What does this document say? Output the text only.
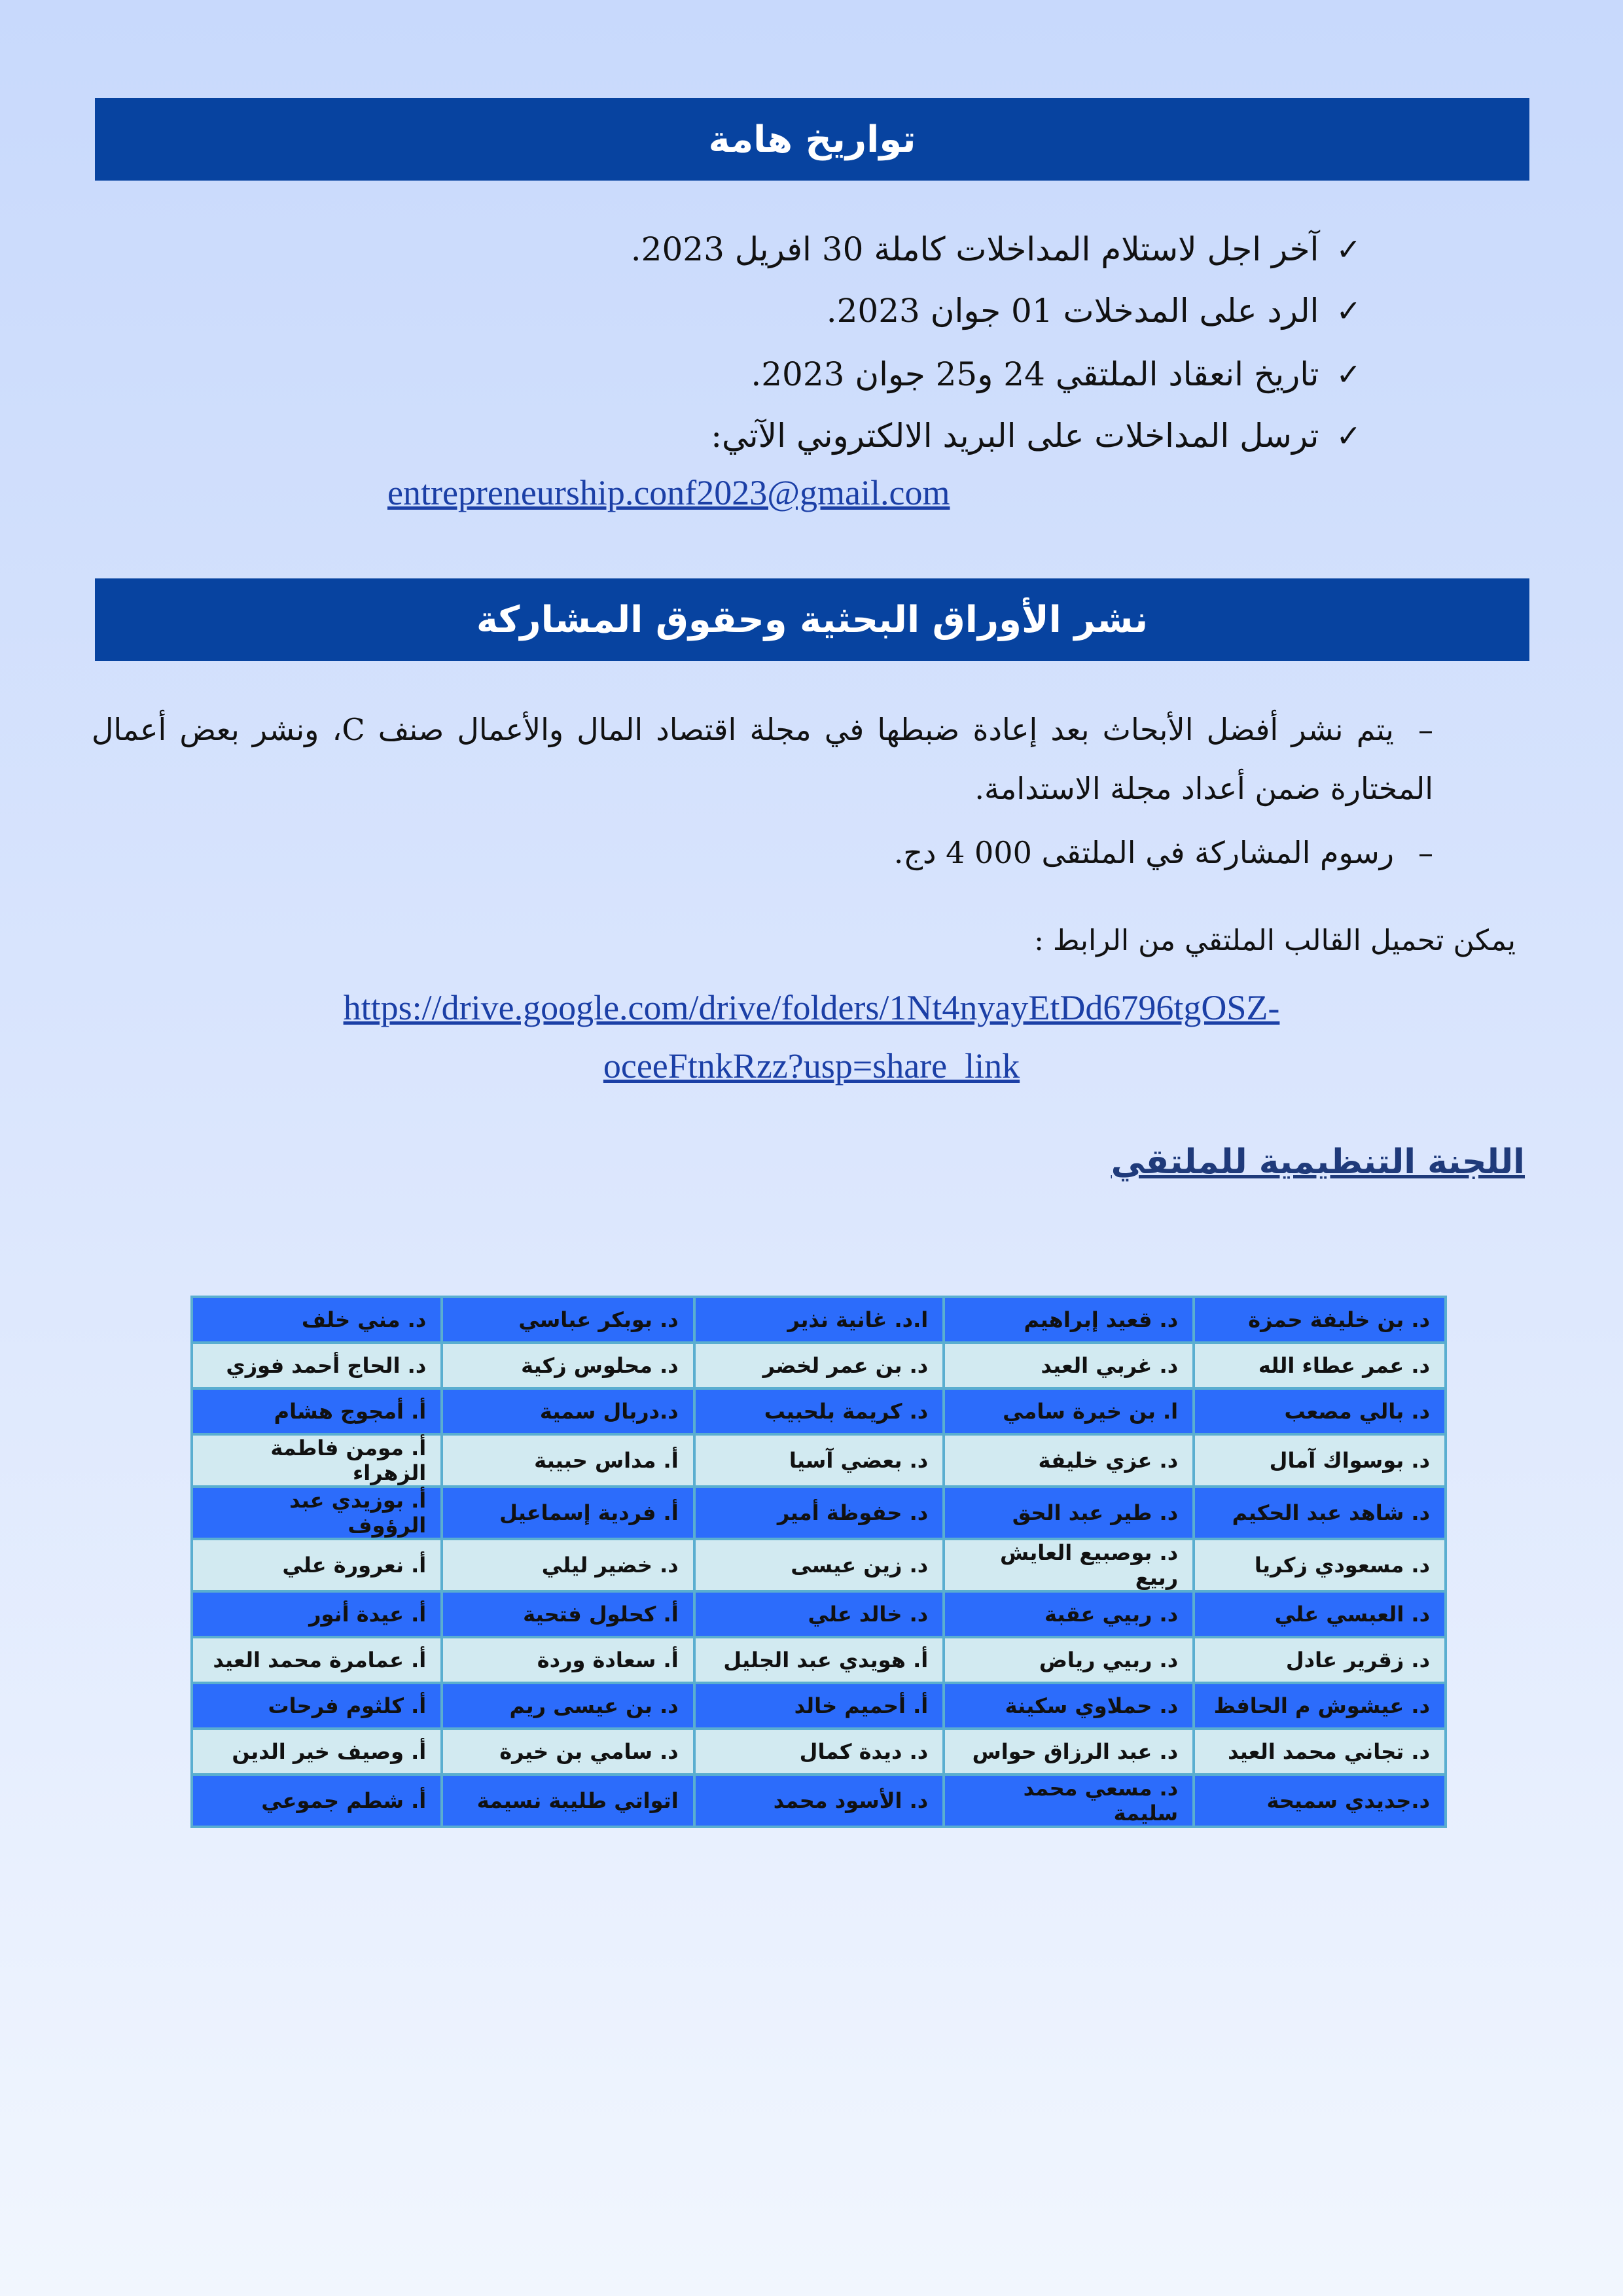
تواريخ هامة
✓
آخر اجل لاستلام المداخلات كاملة 30 افريل 2023.
✓
الرد على المدخلات 01 جوان 2023.
✓
تاريخ انعقاد الملتقي 24 و25 جوان 2023.
✓
ترسل المداخلات على البريد الالكتروني الآتي:
entrepreneurship.conf2023@gmail.com
نشر الأوراق البحثية وحقوق المشاركة
–يتم نشر أفضل الأبحاث بعد إعادة ضبطها في مجلة اقتصاد المال والأعمال صنف C، ونشر بعض أعمال المختارة ضمن أعداد مجلة الاستدامة.
–رسوم المشاركة في الملتقى 000 4 دج.
يمكن تحميل القالب الملتقي من الرابط :
https://drive.google.com/drive/folders/1Nt4nyayEtDd6796tgOSZ-
oceeFtnkRzz?usp=share_link
اللجنة التنظيمية للملتقي
د. بن خليفة حمزة	د. قعيد إبراهيم	ا.د. غانية نذير	د. بوبكر عباسي	د. مني خلف
د. عمر عطاء الله	د. غربي العيد	د. بن عمر لخضر	د. محلوس زكية	د. الحاج أحمد فوزي
د. بالي مصعب	ا. بن خيرة سامي	د. كريمة بلحبيب	د.دربال سمية	أ. أمجوج هشام
د. بوسواك آمال	د. عزي خليفة	د. بعضي آسيا	أ. مداس حبيبة	أ. مومن فاطمة الزهراء
د. شاهد عبد الحكيم	د. طير عبد الحق	د. حفوظة أمير	أ. فردية إسماعيل	أ. بوزيدي عبد الرؤوف
د. مسعودي زكريا	د. بوصبيع العايش ربيع	د. زين عيسى	د. خضير ليلي	أ. نعرورة علي
د. العبسي علي	د. ربيي عقبة	د. خالد علي	أ. كحلول فتحية	أ. عيدة أنور
د. زقرير عادل	د. ربيي رياض	أ. هويدي عبد الجليل	أ. سعادة وردة	أ. عمامرة محمد العيد
د. عيشوش م الحافظ	د. حملاوي سكينة	أ. أحميم خالد	د. بن عيسى ريم	أ. كلثوم فرحات
د. تجاني محمد العيد	د. عبد الرزاق حواس	د. ديدة كمال	د. سامي بن خيرة	أ. وصيف خير الدين
د.جديدي سميحة	د. مسعي محمد سليمة	د. الأسود محمد	اتواتي طليبة نسيمة	أ. شطم جموعي
